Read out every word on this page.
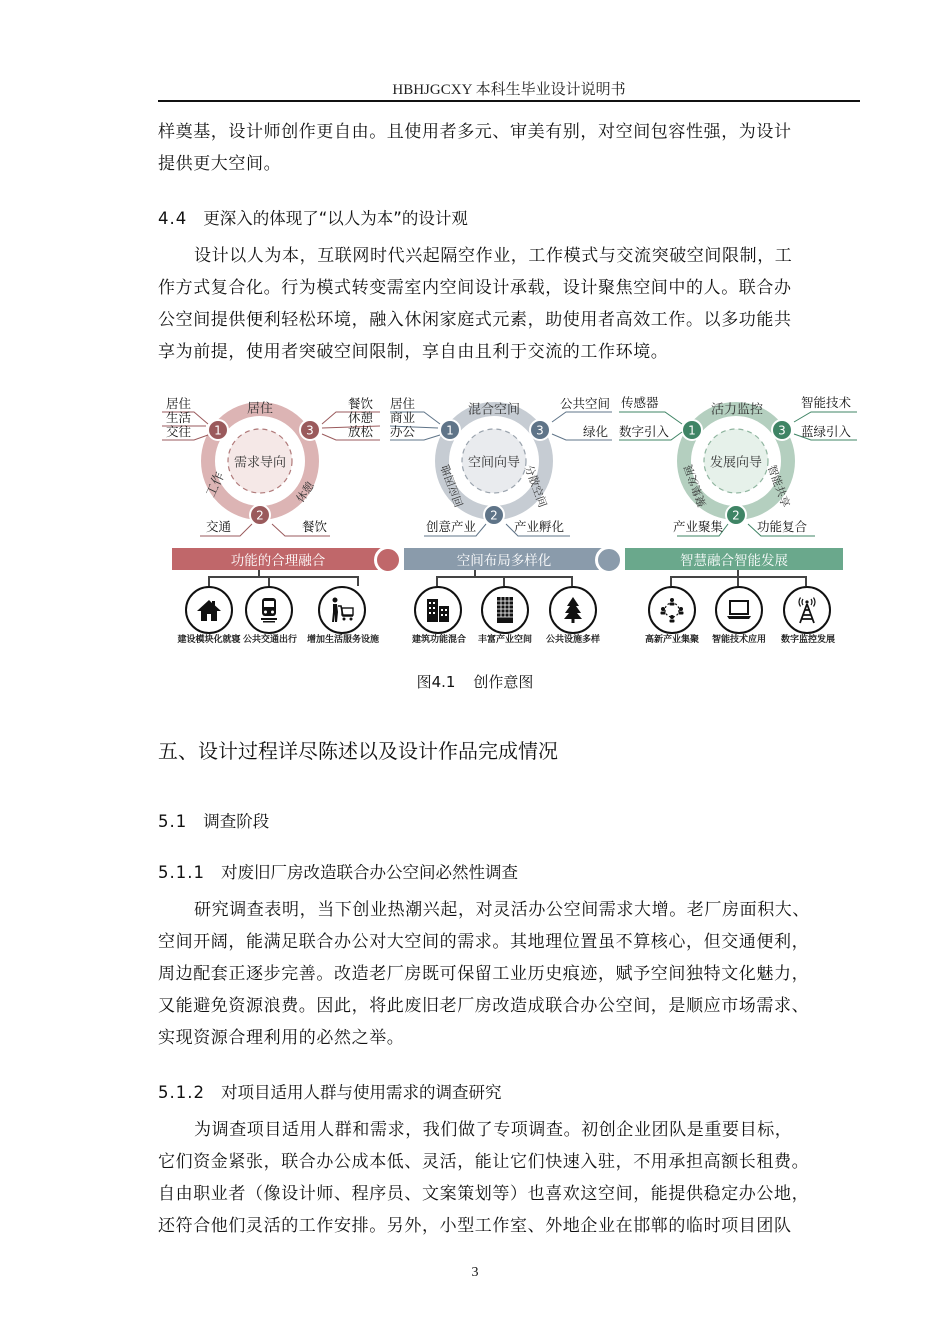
HBHJGCXY 本科生毕业设计说明书
样奠基，设计师创作更自由。且使用者多元、审美有别，对空间包容性强，为设计
提供更大空间。
4.4 更深入的体现了“以人为本”的设计观
设计以人为本，互联网时代兴起隔空作业，工作模式与交流突破空间限制，工
作方式复合化。行为模式转变需室内空间设计承载，设计聚焦空间中的人。联合办
公空间提供便利轻松环境，融入休闲家庭式元素，助使用者高效工作。以多功能共
享为前提，使用者突破空间限制，享自由且利于交流的工作环境。
1
2
3
居住
生活
交往
餐饮
休憩
放松
交通	餐饮
需求导向
居住
工作	休憩
1
2
3
居住
商业
办公
公共空间
绿化
创意产业	产业孵化
空间向导
混合空间
回应因地	分散空间
1
2
3
传感器
数字引入
智能技术
蓝绿引入
产业聚集	功能复合
发展向导
活力监控
聚集发展	智能共享
功能的合理融合	空间布局多样化	智慧融合智能发展
建设模块化就寝 公共交通出行 增加生活服务设施	建筑功能混合 丰富产业空间 公共设施多样	高新产业集聚 智能技术应用 数字监控发展
图4.1 创作意图
五、设计过程详尽陈述以及设计作品完成情况
5.1 调查阶段
5.1.1 对废旧厂房改造联合办公空间必然性调查
研究调查表明，当下创业热潮兴起，对灵活办公空间需求大增。老厂房面积大、
空间开阔，能满足联合办公对大空间的需求。其地理位置虽不算核心，但交通便利，
周边配套正逐步完善。改造老厂房既可保留工业历史痕迹，赋予空间独特文化魅力，
又能避免资源浪费。因此，将此废旧老厂房改造成联合办公空间，是顺应市场需求、
实现资源合理利用的必然之举。
5.1.2 对项目适用人群与使用需求的调查研究
为调查项目适用人群和需求，我们做了专项调查。初创企业团队是重要目标，
它们资金紧张，联合办公成本低、灵活，能让它们快速入驻，不用承担高额长租费。
自由职业者（像设计师、程序员、文案策划等）也喜欢这空间，能提供稳定办公地，
还符合他们灵活的工作安排。另外，小型工作室、外地企业在邯郸的临时项目团队
3
